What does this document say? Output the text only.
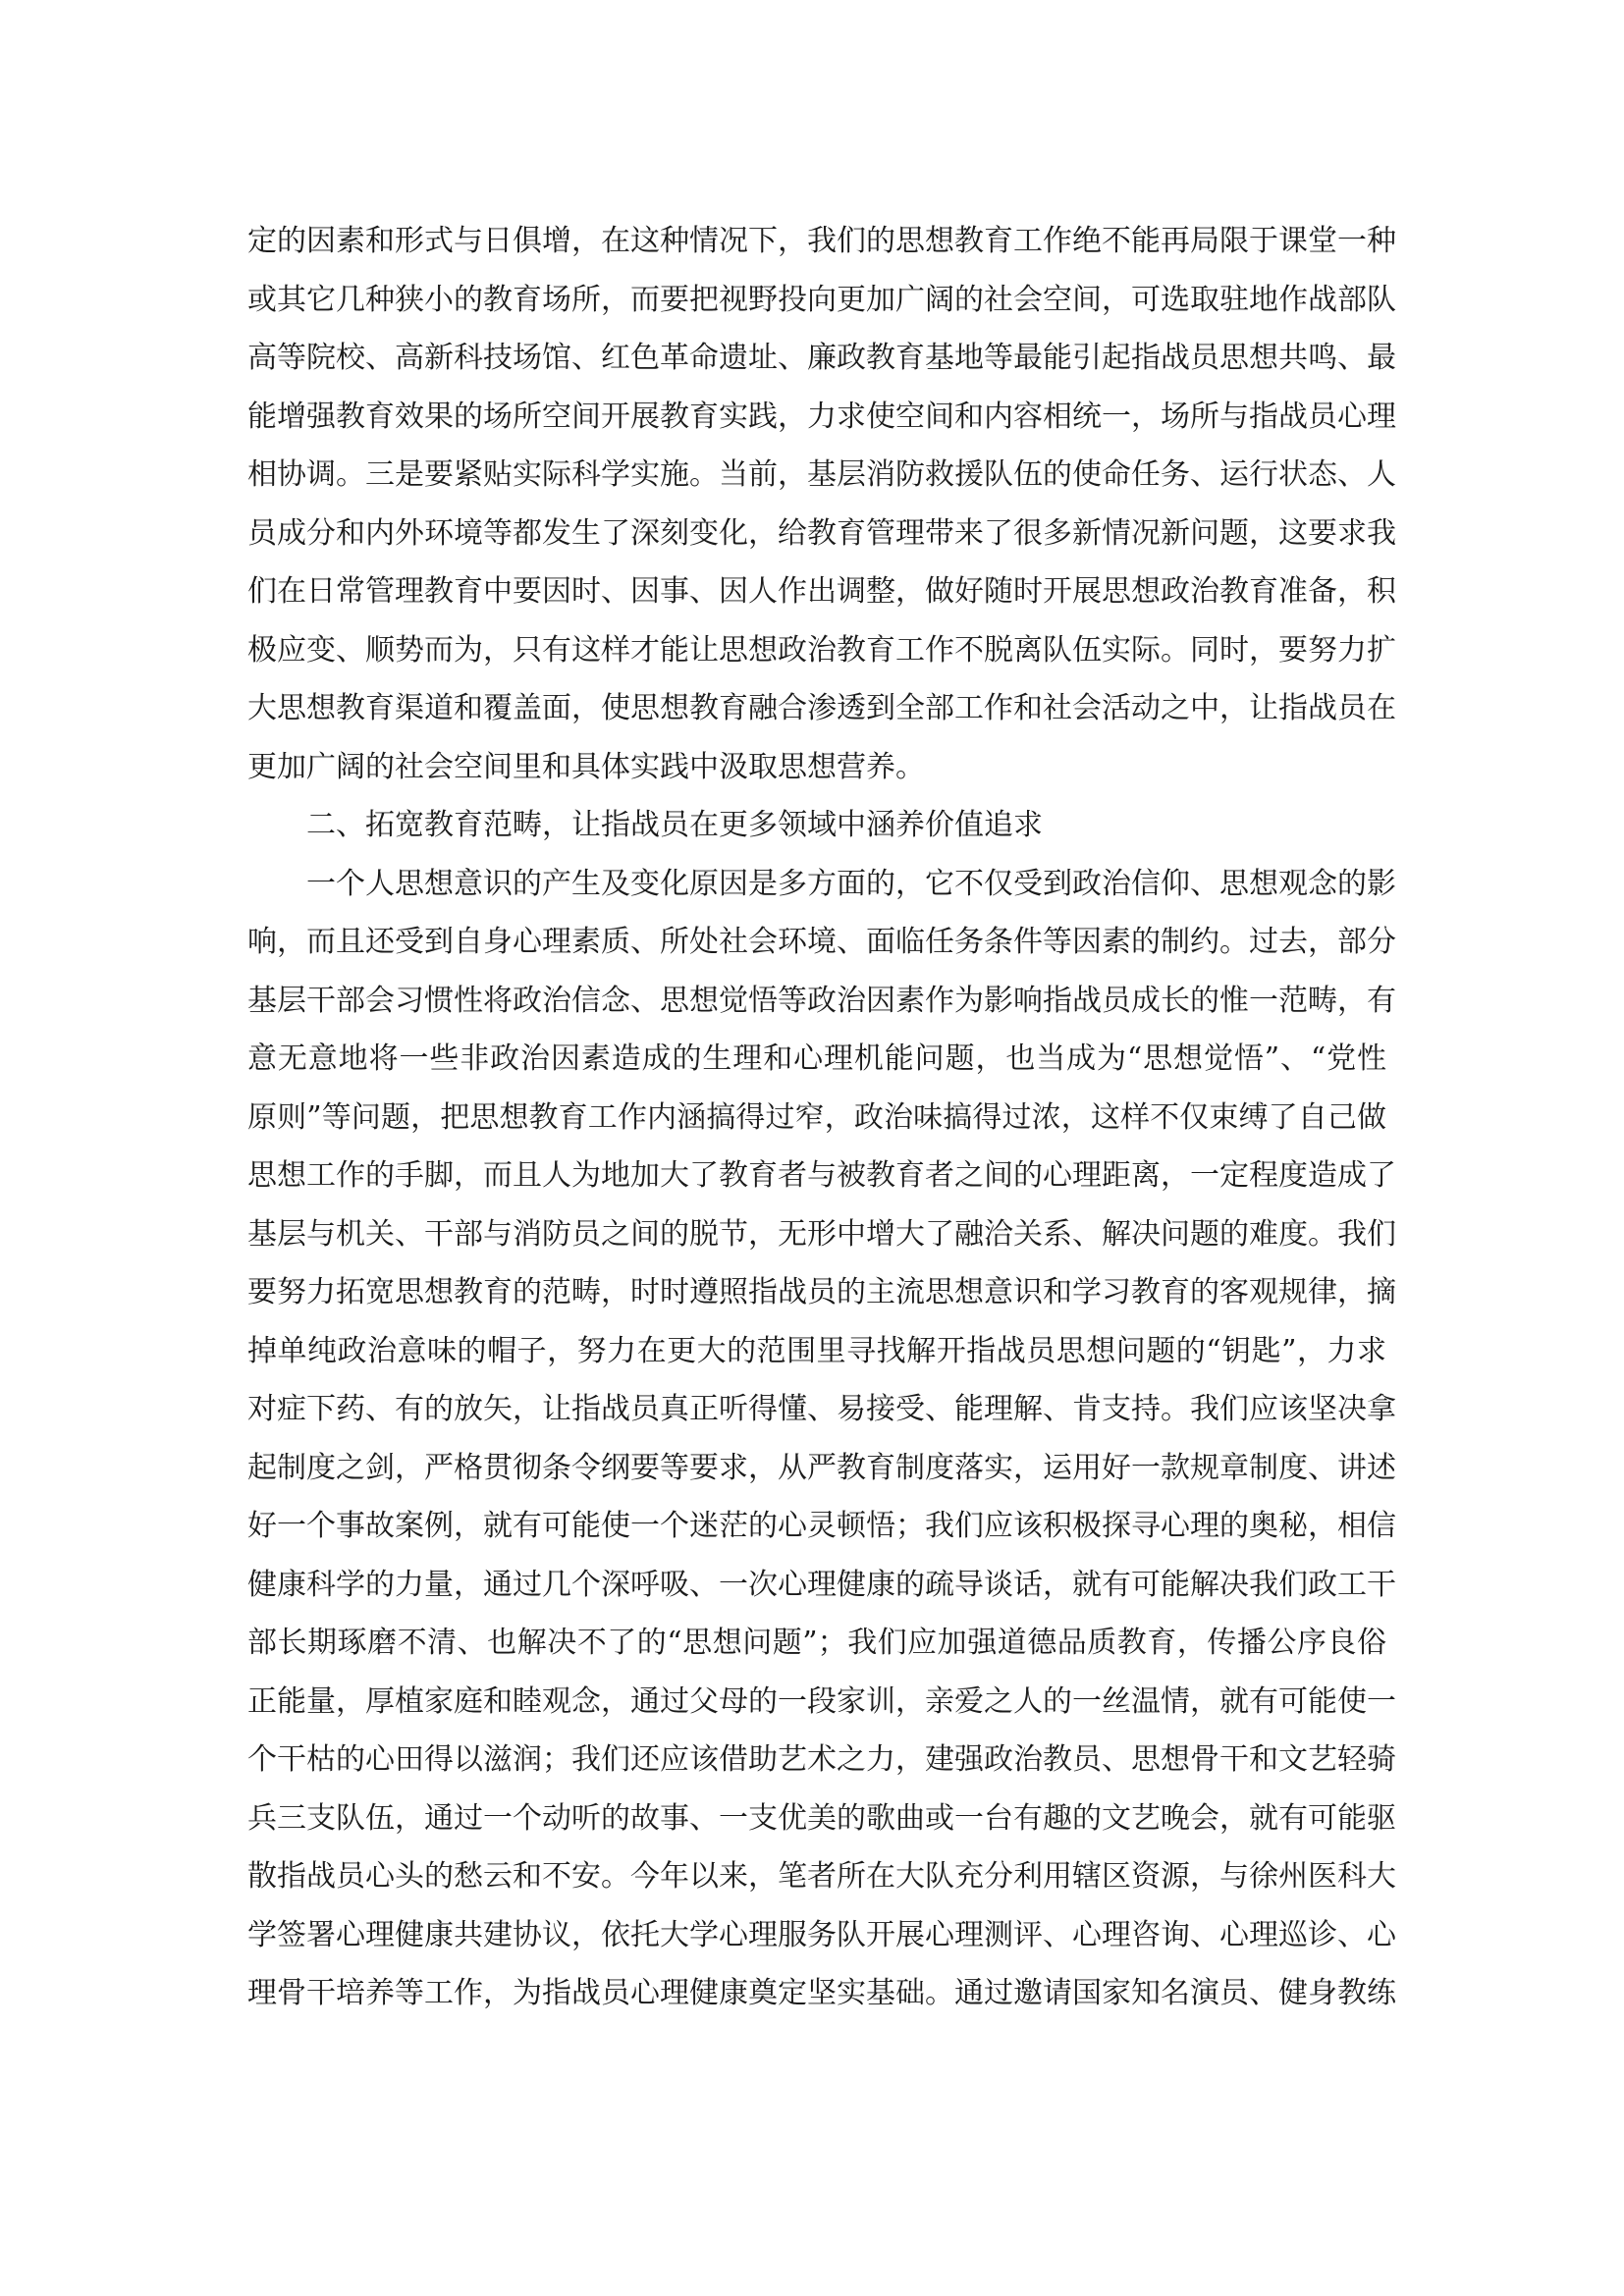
定的因素和形式与日俱增，在这种情况下，我们的思想教育工作绝不能再局限于课堂一种
或其它几种狭小的教育场所，而要把视野投向更加广阔的社会空间，可选取驻地作战部队
高等院校、高新科技场馆、红色革命遗址、廉政教育基地等最能引起指战员思想共鸣、最
能增强教育效果的场所空间开展教育实践，力求使空间和内容相统一，场所与指战员心理
相协调。三是要紧贴实际科学实施。当前，基层消防救援队伍的使命任务、运行状态、人
员成分和内外环境等都发生了深刻变化，给教育管理带来了很多新情况新问题，这要求我
们在日常管理教育中要因时、因事、因人作出调整，做好随时开展思想政治教育准备，积
极应变、顺势而为，只有这样才能让思想政治教育工作不脱离队伍实际。同时，要努力扩
大思想教育渠道和覆盖面，使思想教育融合渗透到全部工作和社会活动之中，让指战员在
更加广阔的社会空间里和具体实践中汲取思想营养。
二、拓宽教育范畴，让指战员在更多领域中涵养价值追求
一个人思想意识的产生及变化原因是多方面的，它不仅受到政治信仰、思想观念的影
响，而且还受到自身心理素质、所处社会环境、面临任务条件等因素的制约。过去，部分
基层干部会习惯性将政治信念、思想觉悟等政治因素作为影响指战员成长的惟一范畴，有
意无意地将一些非政治因素造成的生理和心理机能问题，也当成为“思想觉悟”、“党性
原则”等问题，把思想教育工作内涵搞得过窄，政治味搞得过浓，这样不仅束缚了自己做
思想工作的手脚，而且人为地加大了教育者与被教育者之间的心理距离，一定程度造成了
基层与机关、干部与消防员之间的脱节，无形中增大了融洽关系、解决问题的难度。我们
要努力拓宽思想教育的范畴，时时遵照指战员的主流思想意识和学习教育的客观规律，摘
掉单纯政治意味的帽子，努力在更大的范围里寻找解开指战员思想问题的“钥匙”，力求
对症下药、有的放矢，让指战员真正听得懂、易接受、能理解、肯支持。我们应该坚决拿
起制度之剑，严格贯彻条令纲要等要求，从严教育制度落实，运用好一款规章制度、讲述
好一个事故案例，就有可能使一个迷茫的心灵顿悟；我们应该积极探寻心理的奥秘，相信
健康科学的力量，通过几个深呼吸、一次心理健康的疏导谈话，就有可能解决我们政工干
部长期琢磨不清、也解决不了的“思想问题”；我们应加强道德品质教育，传播公序良俗
正能量，厚植家庭和睦观念，通过父母的一段家训，亲爱之人的一丝温情，就有可能使一
个干枯的心田得以滋润；我们还应该借助艺术之力，建强政治教员、思想骨干和文艺轻骑
兵三支队伍，通过一个动听的故事、一支优美的歌曲或一台有趣的文艺晚会，就有可能驱
散指战员心头的愁云和不安。今年以来，笔者所在大队充分利用辖区资源，与徐州医科大
学签署心理健康共建协议，依托大学心理服务队开展心理测评、心理咨询、心理巡诊、心
理骨干培养等工作，为指战员心理健康奠定坚实基础。通过邀请国家知名演员、健身教练
